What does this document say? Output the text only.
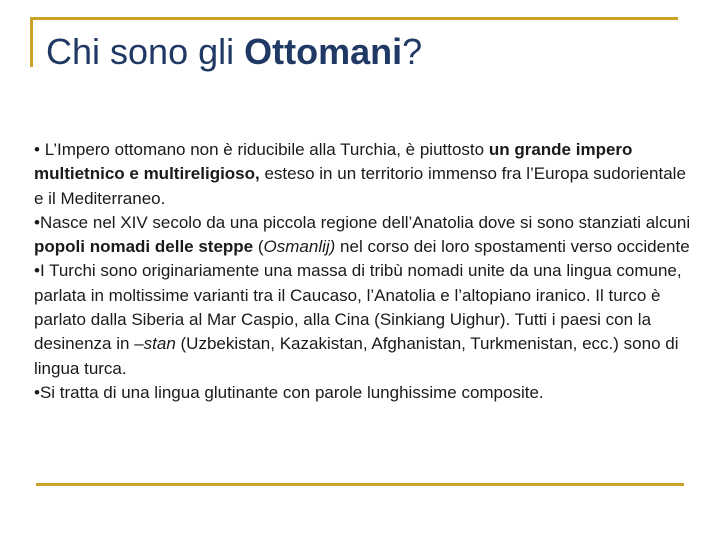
Chi sono gli Ottomani?
• L’Impero ottomano non è riducibile alla Turchia, è piuttosto un grande impero multietnico e multireligioso, esteso in un territorio immenso fra l’Europa sudorientale e il Mediterraneo.
•Nasce nel XIV secolo da una piccola regione dell’Anatolia dove si sono stanziati alcuni popoli nomadi delle steppe (Osmanlij) nel corso dei loro spostamenti verso occidente
•I Turchi sono originariamente una massa di tribù nomadi unite da una lingua comune, parlata in moltissime varianti tra il Caucaso, l’Anatolia e l’altopiano iranico. Il turco è parlato dalla Siberia al Mar Caspio, alla Cina (Sinkiang Uighur). Tutti i paesi con la desinenza in –stan (Uzbekistan, Kazakistan, Afghanistan, Turkmenistan, ecc.) sono di lingua turca.
•Si tratta di una lingua glutinante con parole lunghissime composite.
